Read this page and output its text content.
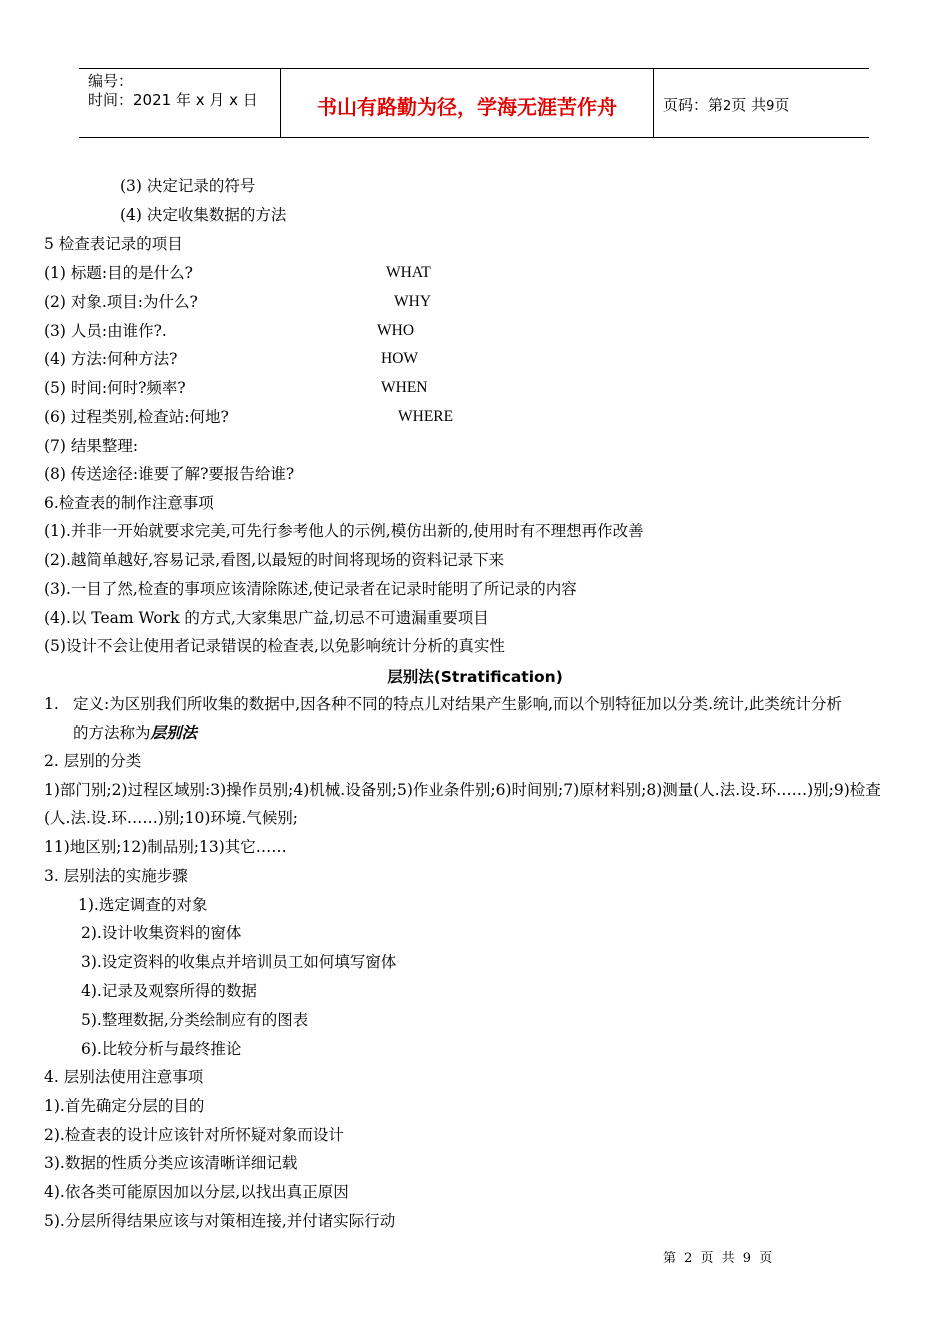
编号：
时间：2021 年 x 月 x 日	书山有路勤为径，学海无涯苦作舟	页码：第2页 共9页
(3) 决定记录的符号
(4) 决定收集数据的方法
5 检查表记录的项目
(1) 标题:目的是什么?	WHAT
(2) 对象.项目:为什么?	WHY
(3) 人员:由谁作?.	WHO
(4) 方法:何种方法?	HOW
(5) 时间:何时?频率?	WHEN
(6) 过程类别,检查站:何地?	WHERE
(7) 结果整理:
(8) 传送途径:谁要了解?要报告给谁?
6.检查表的制作注意事项
(1).并非一开始就要求完美,可先行参考他人的示例,模仿出新的,使用时有不理想再作改善
(2).越简单越好,容易记录,看图,以最短的时间将现场的资料记录下来
(3).一目了然,检查的事项应该清除陈述,使记录者在记录时能明了所记录的内容
(4).以 Team Work 的方式,大家集思广益,切忌不可遗漏重要项目
(5)设计不会让使用者记录错误的检查表,以免影响统计分析的真实性
层别法(Stratification)
1. 定义:为区别我们所收集的数据中,因各种不同的特点儿对结果产生影响,而以个别特征加以分类.统计,此类统计分析
的方法称为层别法
2. 层别的分类
1)部门别;2)过程区域别:3)操作员别;4)机械.设备别;5)作业条件别;6)时间别;7)原材料别;8)测量(人.法.设.环……)别;9)检查
(人.法.设.环……)别;10)环境.气候别;
11)地区别;12)制品别;13)其它……
3. 层别法的实施步骤
1).选定调查的对象
2).设计收集资料的窗体
3).设定资料的收集点并培训员工如何填写窗体
4).记录及观察所得的数据
5).整理数据,分类绘制应有的图表
6).比较分析与最终推论
4. 层别法使用注意事项
1).首先确定分层的目的
2).检查表的设计应该针对所怀疑对象而设计
3).数据的性质分类应该清晰详细记载
4).依各类可能原因加以分层,以找出真正原因
5).分层所得结果应该与对策相连接,并付诸实际行动
第 2 页 共 9 页
